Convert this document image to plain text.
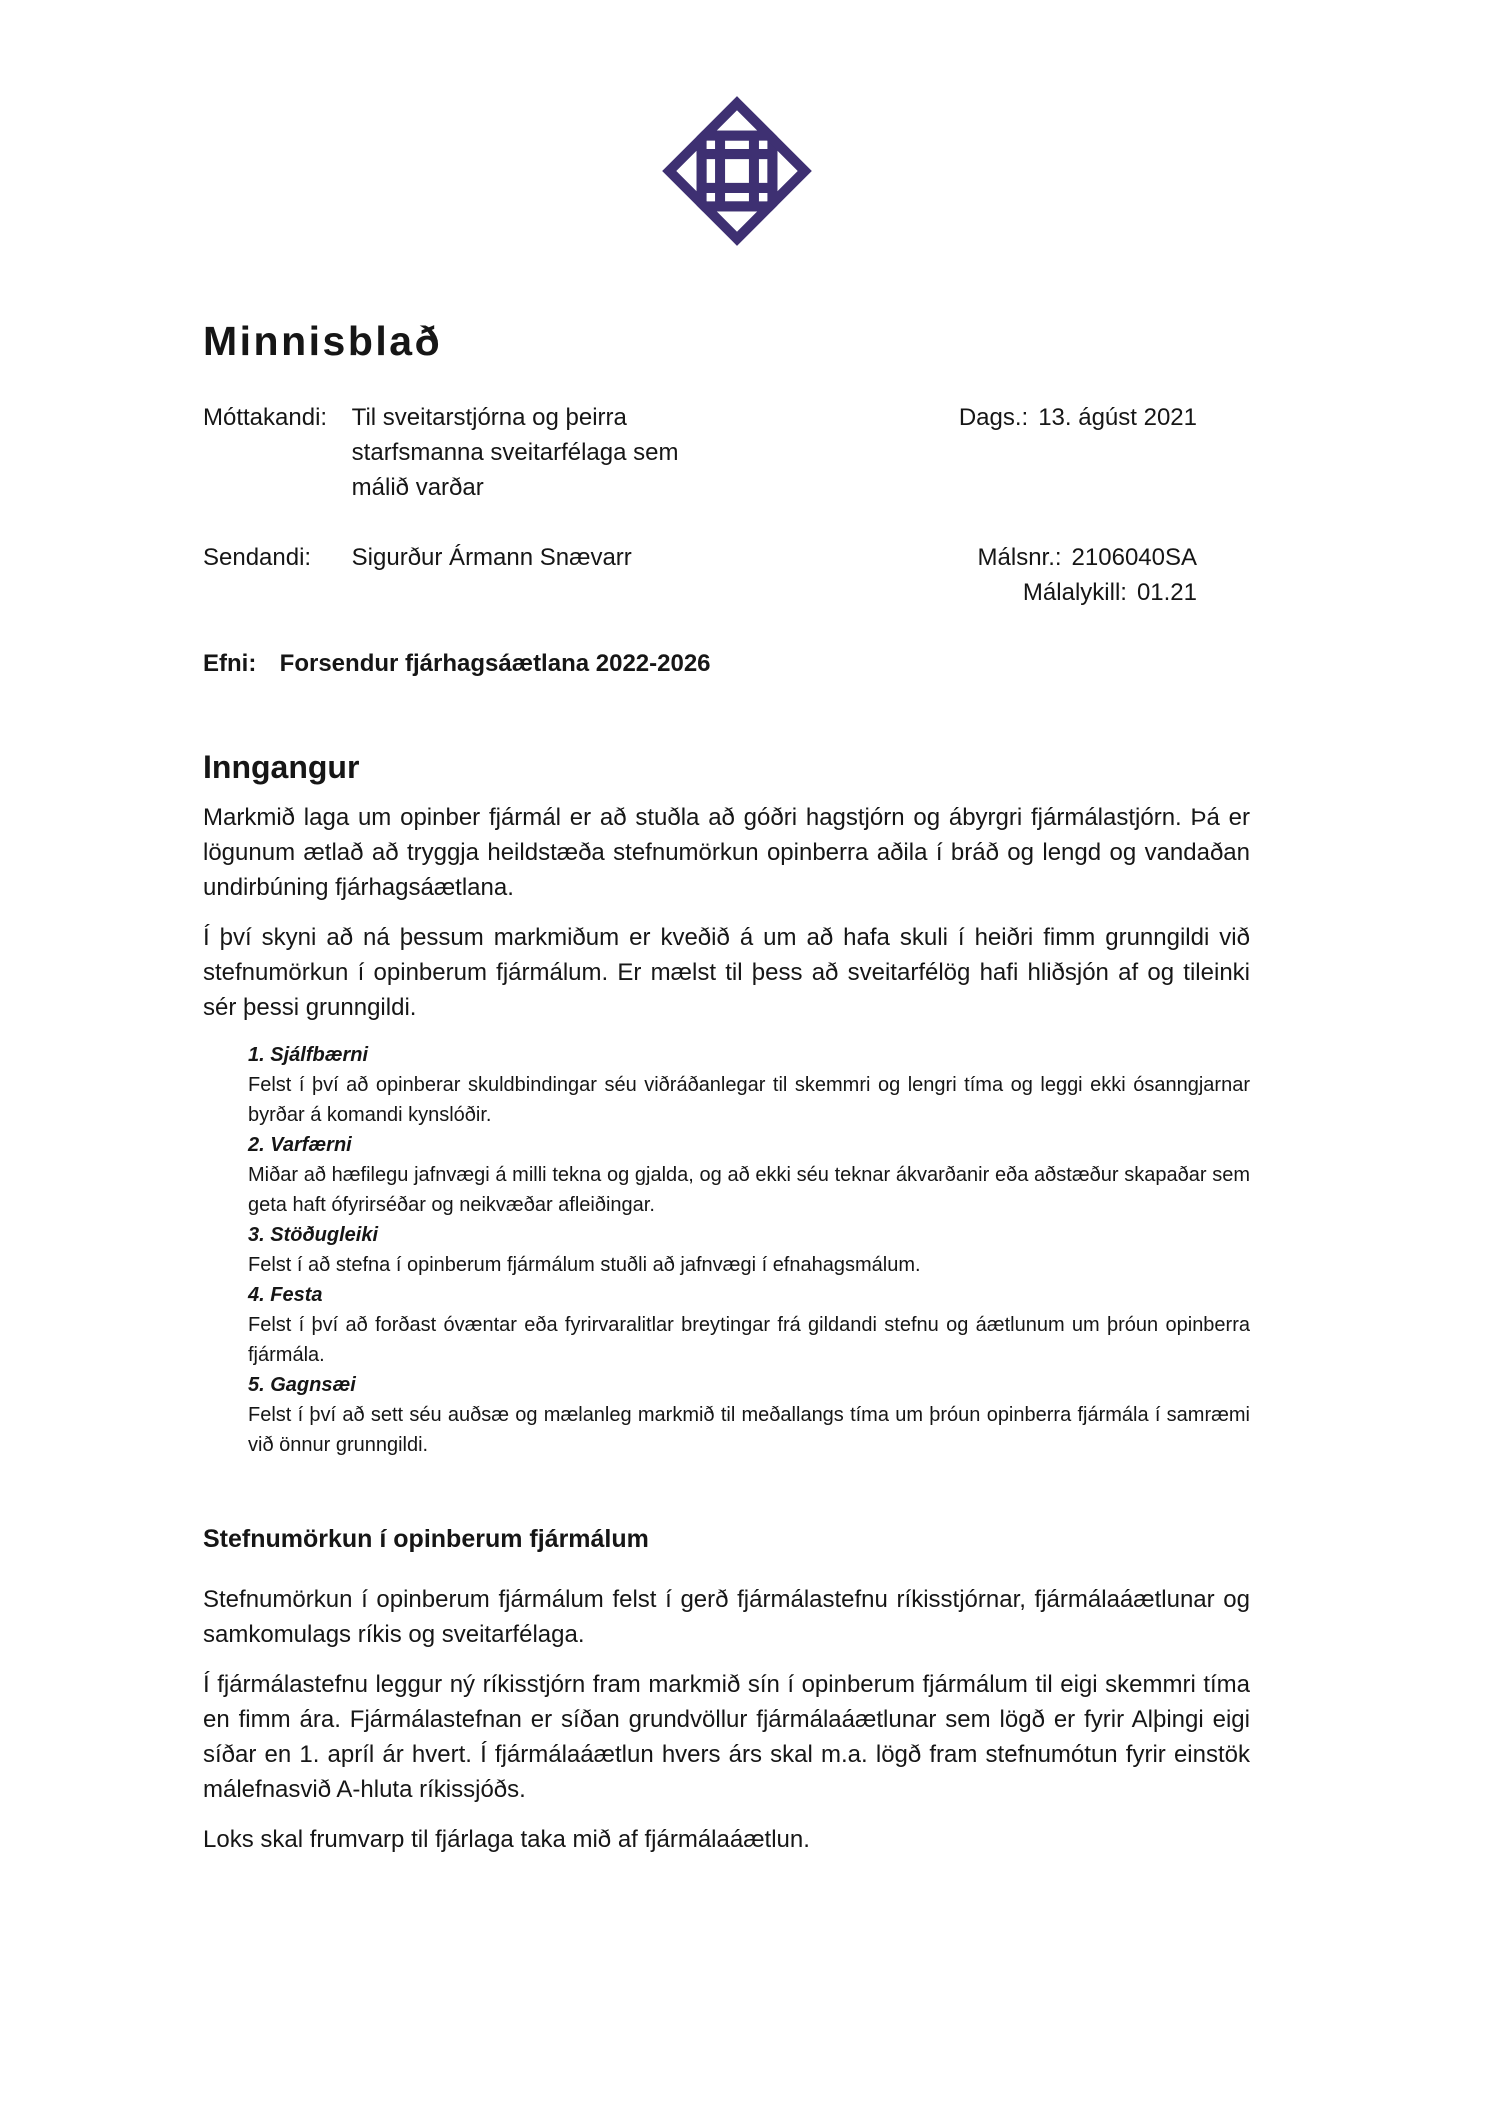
Minnisblað
Móttakandi: Til sveitarstjórna og þeirra
starfsmanna sveitarfélaga sem
málið varðar
Dags.: 13. ágúst 2021
Sendandi: Sigurður Ármann Snævarr	Málsnr.: 2106040SA
Málalykill: 01.21
Efni: Forsendur fjárhagsáætlana 2022-2026
Inngangur

Markmið laga um opinber fjármál er að stuðla að góðri hagstjórn og ábyrgri fjármálastjórn. Þá er lögunum ætlað að tryggja heildstæða stefnumörkun opinberra aðila í bráð og lengd og vandaðan undirbúning fjárhagsáætlana.

Í því skyni að ná þessum markmiðum er kveðið á um að hafa skuli í heiðri fimm grunngildi við stefnumörkun í opinberum fjármálum. Er mælst til þess að sveitarfélög hafi hliðsjón af og tileinki sér þessi grunngildi.

1. Sjálfbærni

Felst í því að opinberar skuldbindingar séu viðráðanlegar til skemmri og lengri tíma og leggi ekki ósanngjarnar byrðar á komandi kynslóðir.

2. Varfærni

Miðar að hæfilegu jafnvægi á milli tekna og gjalda, og að ekki séu teknar ákvarðanir eða aðstæður skapaðar sem geta haft ófyrirséðar og neikvæðar afleiðingar.

3. Stöðugleiki

Felst í að stefna í opinberum fjármálum stuðli að jafnvægi í efnahagsmálum.

4. Festa

Felst í því að forðast óvæntar eða fyrirvaralitlar breytingar frá gildandi stefnu og áætlunum um þróun opinberra fjármála.

5. Gagnsæi

Felst í því að sett séu auðsæ og mælanleg markmið til meðallangs tíma um þróun opinberra fjármála í samræmi við önnur grunngildi.

Stefnumörkun í opinberum fjármálum

Stefnumörkun í opinberum fjármálum felst í gerð fjármálastefnu ríkisstjórnar, fjármálaáætlunar og samkomulags ríkis og sveitarfélaga.

Í fjármálastefnu leggur ný ríkisstjórn fram markmið sín í opinberum fjármálum til eigi skemmri tíma en fimm ára. Fjármálastefnan er síðan grundvöllur fjármálaáætlunar sem lögð er fyrir Alþingi eigi síðar en 1. apríl ár hvert. Í fjármálaáætlun hvers árs skal m.a. lögð fram stefnumótun fyrir einstök málefnasvið A-hluta ríkissjóðs.

Loks skal frumvarp til fjárlaga taka mið af fjármálaáætlun.
